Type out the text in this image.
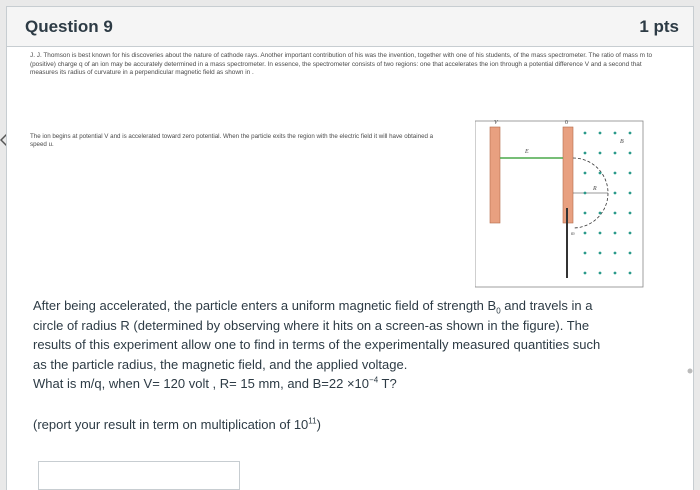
Question 9	1 pts
J. J. Thomson is best known for his discoveries about the nature of cathode rays. Another important contribution of his was the invention, together with one of his students, of the mass spectrometer. The ratio of mass m to (positive) charge q of an ion may be accurately determined in a mass spectrometer. In essence, the spectrometer consists of two regions: one that accelerates the ion through a potential difference V and a second that measures its radius of curvature in a perpendicular magnetic field as shown in .
The ion begins at potential V and is accelerated toward zero potential. When the particle exits the region with the electric field it will have obtained a speed u.
V	0
B
E
R
m

After being accelerated, the particle enters a uniform magnetic field of strength $B_0$ and travels in a

circle of radius R (determined by observing where it hits on a screen-as shown in the figure). The

results of this experiment allow one to find in terms of the experimentally measured quantities such

as the particle radius, the magnetic field, and the applied voltage.

What is m/q, when V= 120 volt , R= 15 mm, and $B=22 \times 10^{-4}$ T?

(report your result in term on multiplication of $10^{11}$)
